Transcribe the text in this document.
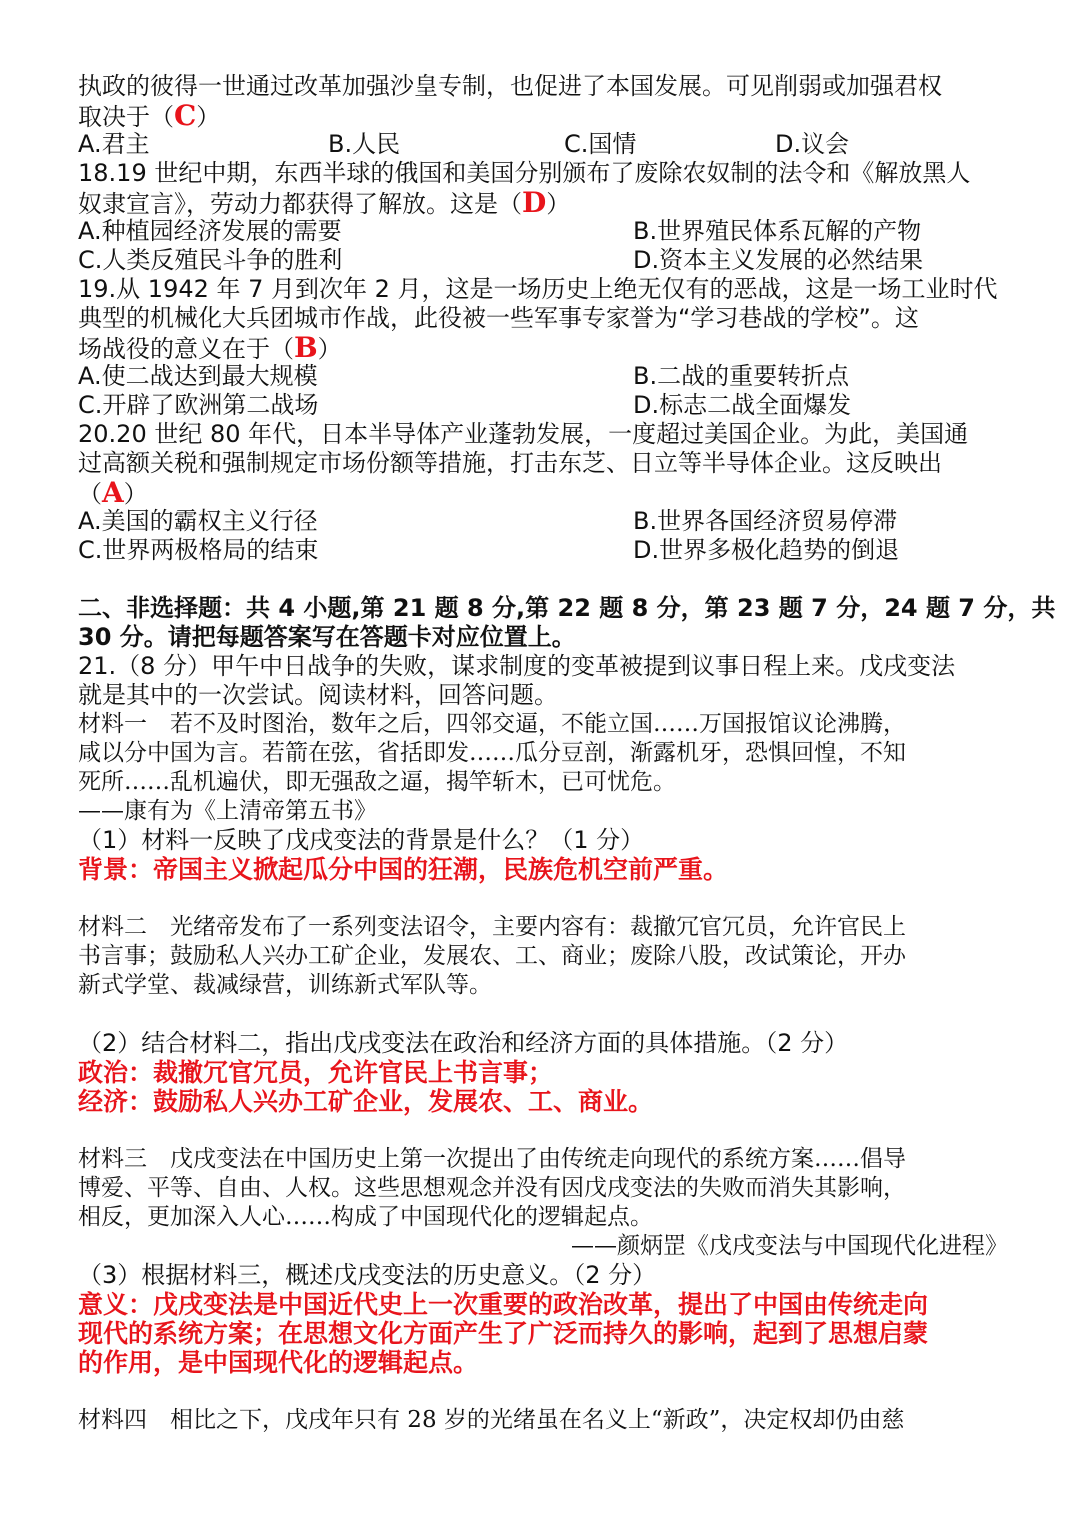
执政的彼得一世通过改革加强沙皇专制，也促进了本国发展。可见削弱或加强君权
取决于（C）
A.君主	B.人民	C.国情	D.议会
18.19 世纪中期，东西半球的俄国和美国分别颁布了废除农奴制的法令和《解放黑人
奴隶宣言》，劳动力都获得了解放。这是（D）
A.种植园经济发展的需要	B.世界殖民体系瓦解的产物
C.人类反殖民斗争的胜利	D.资本主义发展的必然结果
19.从 1942 年 7 月到次年 2 月，这是一场历史上绝无仅有的恶战，这是一场工业时代
典型的机械化大兵团城市作战，此役被一些军事专家誉为“学习巷战的学校”。这
场战役的意义在于（B）
A.使二战达到最大规模	B.二战的重要转折点
C.开辟了欧洲第二战场	D.标志二战全面爆发
20.20 世纪 80 年代，日本半导体产业蓬勃发展，一度超过美国企业。为此，美国通
过高额关税和强制规定市场份额等措施，打击东芝、日立等半导体企业。这反映出
（A）
A.美国的霸权主义行径	B.世界各国经济贸易停滞
C.世界两极格局的结束	D.世界多极化趋势的倒退
二、非选择题：共 4 小题,第 21 题 8 分,第 22 题 8 分，第 23 题 7 分，24 题 7 分，共
30 分。请把每题答案写在答题卡对应位置上。
21.（8 分）甲午中日战争的失败，谋求制度的变革被提到议事日程上来。戊戌变法
就是其中的一次尝试。阅读材料，回答问题。
材料一　若不及时图治，数年之后，四邻交逼，不能立国……万国报馆议论沸腾，
咸以分中国为言。若箭在弦，省括即发……瓜分豆剖，渐露机牙，恐惧回惶，不知
死所……乱机遍伏，即无强敌之逼，揭竿斩木，已可忧危。
——康有为《上清帝第五书》
（1）材料一反映了戊戌变法的背景是什么？（1 分）
背景：帝国主义掀起瓜分中国的狂潮，民族危机空前严重。
材料二　光绪帝发布了一系列变法诏令，主要内容有：裁撤冗官冗员，允许官民上
书言事；鼓励私人兴办工矿企业，发展农、工、商业；废除八股，改试策论，开办
新式学堂、裁减绿营，训练新式军队等。
（2）结合材料二，指出戊戌变法在政治和经济方面的具体措施。（2 分）
政治：裁撤冗官冗员，允许官民上书言事；
经济：鼓励私人兴办工矿企业，发展农、工、商业。
材料三　戊戌变法在中国历史上第一次提出了由传统走向现代的系统方案……倡导
博爱、平等、自由、人权。这些思想观念并没有因戊戌变法的失败而消失其影响，
相反，更加深入人心……构成了中国现代化的逻辑起点。
——颜炳罡《戊戌变法与中国现代化进程》
（3）根据材料三，概述戊戌变法的历史意义。（2 分）
意义：戊戌变法是中国近代史上一次重要的政治改革，提出了中国由传统走向
现代的系统方案；在思想文化方面产生了广泛而持久的影响，起到了思想启蒙
的作用，是中国现代化的逻辑起点。
材料四　相比之下，戊戌年只有 28 岁的光绪虽在名义上“新政”，决定权却仍由慈
